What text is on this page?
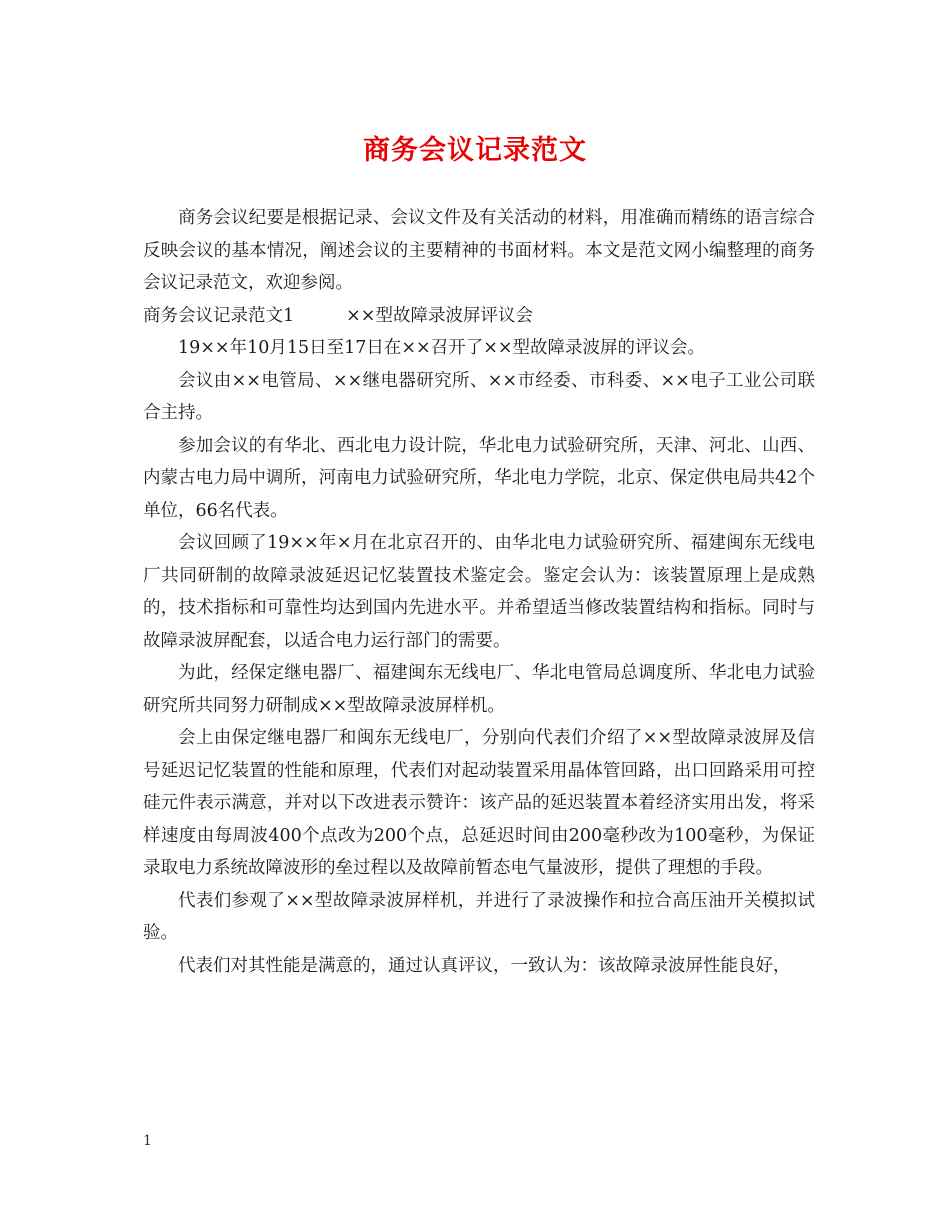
商务会议记录范文

商务会议纪要是根据记录、会议文件及有关活动的材料，用准确而精练的语言综合反映会议的基本情况，阐述会议的主要精神的书面材料。本文是范文网小编整理的商务会议记录范文，欢迎参阅。

商务会议记录范文1	××型故障录波屏评议会

19××年10月15日至17日在××召开了××型故障录波屏的评议会。

会议由××电管局、××继电器研究所、××市经委、市科委、××电子工业公司联合主持。

参加会议的有华北、西北电力设计院，华北电力试验研究所，天津、河北、山西、内蒙古电力局中调所，河南电力试验研究所，华北电力学院，北京、保定供电局共42个单位，66名代表。

会议回顾了19××年×月在北京召开的、由华北电力试验研究所、福建闽东无线电厂共同研制的故障录波延迟记忆装置技术鉴定会。鉴定会认为：该装置原理上是成熟的，技术指标和可靠性均达到国内先进水平。并希望适当修改装置结构和指标。同时与故障录波屏配套，以适合电力运行部门的需要。

为此，经保定继电器厂、福建闽东无线电厂、华北电管局总调度所、华北电力试验研究所共同努力研制成××型故障录波屏样机。

会上由保定继电器厂和闽东无线电厂，分别向代表们介绍了××型故障录波屏及信号延迟记忆装置的性能和原理，代表们对起动装置采用晶体管回路，出口回路采用可控硅元件表示满意，并对以下改进表示赞许：该产品的延迟装置本着经济实用出发，将采样速度由每周波400个点改为200个点，总延迟时间由200毫秒改为100毫秒，为保证录取电力系统故障波形的垒过程以及故障前暂态电气量波形，提供了理想的手段。

代表们参观了××型故障录波屏样机，并进行了录波操作和拉合高压油开关模拟试验。

代表们对其性能是满意的，通过认真评议，一致认为：该故障录波屏性能良好，

1
